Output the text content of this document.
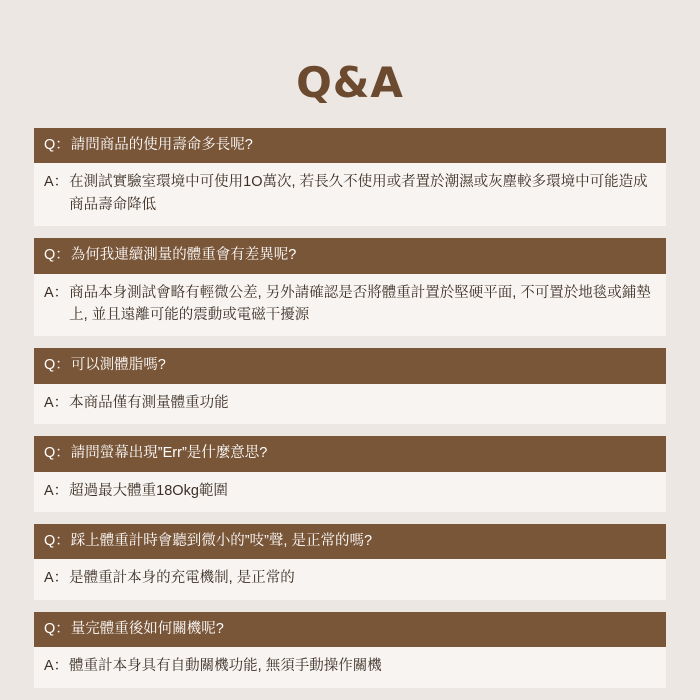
Q&A
Q： 請問商品的使用壽命多長呢?
A： 在測試實驗室環境中可使用1O萬次, 若長久不使用或者置於潮濕或灰塵較多環境中可能造成商品壽命降低
Q： 為何我連續測量的體重會有差異呢?
A： 商品本身測試會略有輕微公差, 另外請確認是否將體重計置於堅硬平面, 不可置於地毯或鋪墊上, 並且遠離可能的震動或電磁干擾源
Q： 可以測體脂嗎?
A： 本商品僅有測量體重功能
Q： 請問螢幕出現”Err”是什麼意思?
A： 超過最大體重18Okg範圍
Q： 踩上體重計時會聽到微小的”吱”聲, 是正常的嗎?
A： 是體重計本身的充電機制, 是正常的
Q： 量完體重後如何關機呢?
A： 體重計本身具有自動關機功能, 無須手動操作關機
